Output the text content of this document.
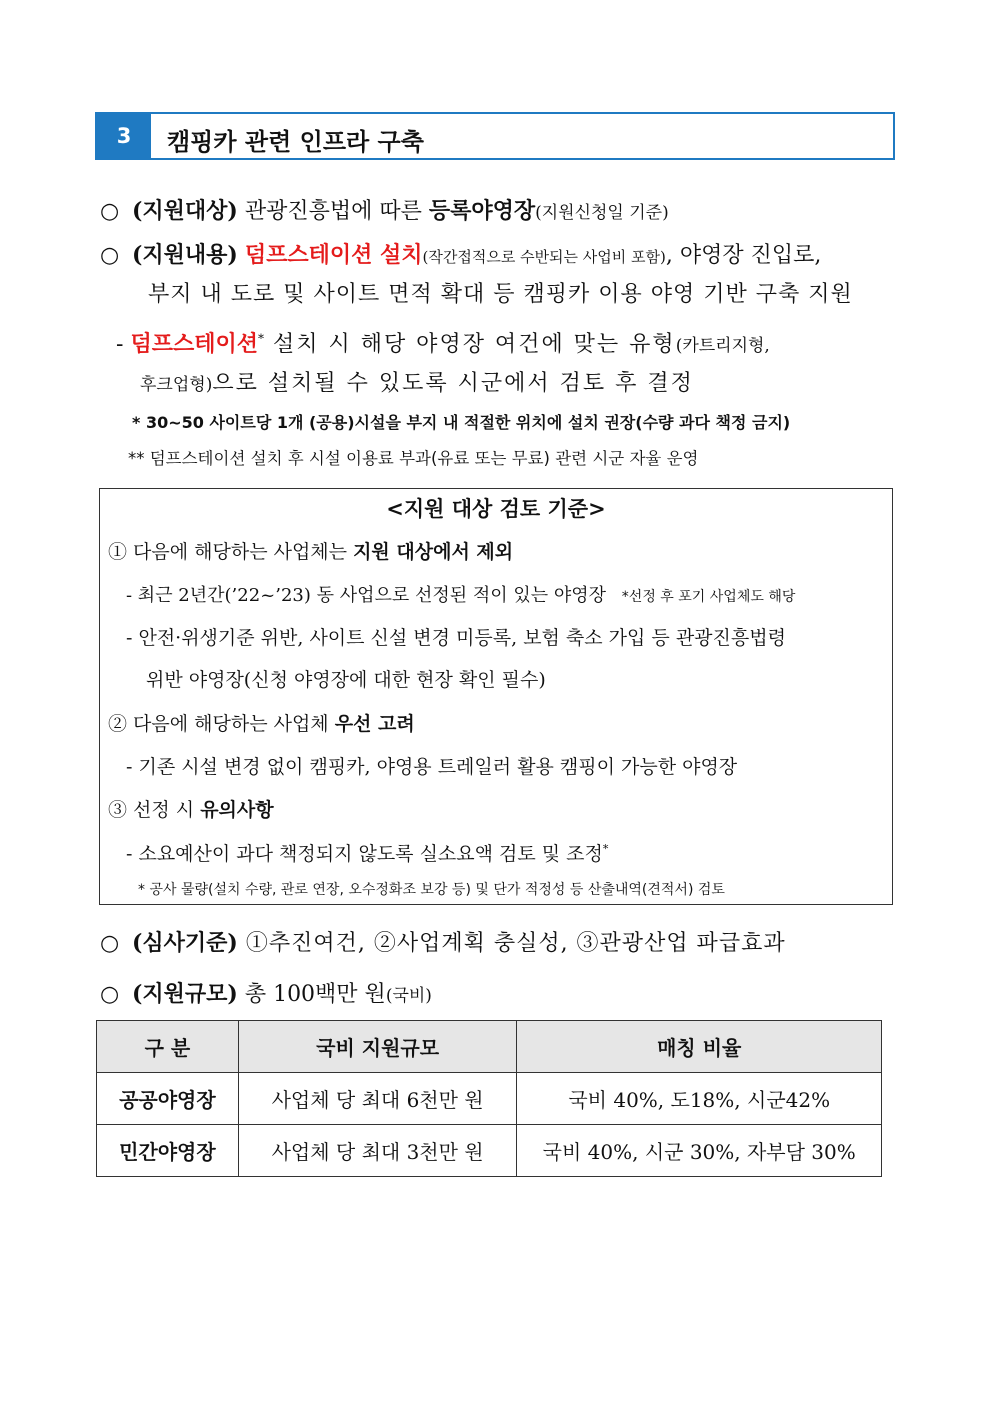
3	캠핑카 관련 인프라 구축
○ (지원대상) 관광진흥법에 따른 등록야영장(지원신청일 기준)
○ (지원내용) 덤프스테이션 설치(작간접적으로 수반되는 사업비 포함), 야영장 진입로,
부지 내 도로 및 사이트 면적 확대 등 캠핑카 이용 야영 기반 구축 지원
- 덤프스테이션* 설치 시 해당 야영장 여건에 맞는 유형(카트리지형,
후크업형)으로 설치될 수 있도록 시군에서 검토 후 결정
* 30~50 사이트당 1개 (공용)시설을 부지 내 적절한 위치에 설치 권장(수량 과다 책정 금지)
** 덤프스테이션 설치 후 시설 이용료 부과(유료 또는 무료) 관련 시군 자율 운영
<지원 대상 검토 기준>
① 다음에 해당하는 사업체는 지원 대상에서 제외
- 최근 2년간(’22~’23) 동 사업으로 선정된 적이 있는 야영장 *선정 후 포기 사업체도 해당
- 안전·위생기준 위반, 사이트 신설 변경 미등록, 보험 축소 가입 등 관광진흥법령
위반 야영장(신청 야영장에 대한 현장 확인 필수)
② 다음에 해당하는 사업체 우선 고려
- 기존 시설 변경 없이 캠핑카, 야영용 트레일러 활용 캠핑이 가능한 야영장
③ 선정 시 유의사항
- 소요예산이 과다 책정되지 않도록 실소요액 검토 및 조정*
* 공사 물량(설치 수량, 관로 연장, 오수정화조 보강 등) 및 단가 적정성 등 산출내역(견적서) 검토
○ (심사기준) ①추진여건, ②사업계획 충실성, ③관광산업 파급효과
○ (지원규모) 총 100백만 원(국비)
구 분	국비 지원규모	매칭 비율
공공야영장	사업체 당 최대 6천만 원	국비 40%, 도18%, 시군42%
민간야영장	사업체 당 최대 3천만 원	국비 40%, 시군 30%, 자부담 30%
